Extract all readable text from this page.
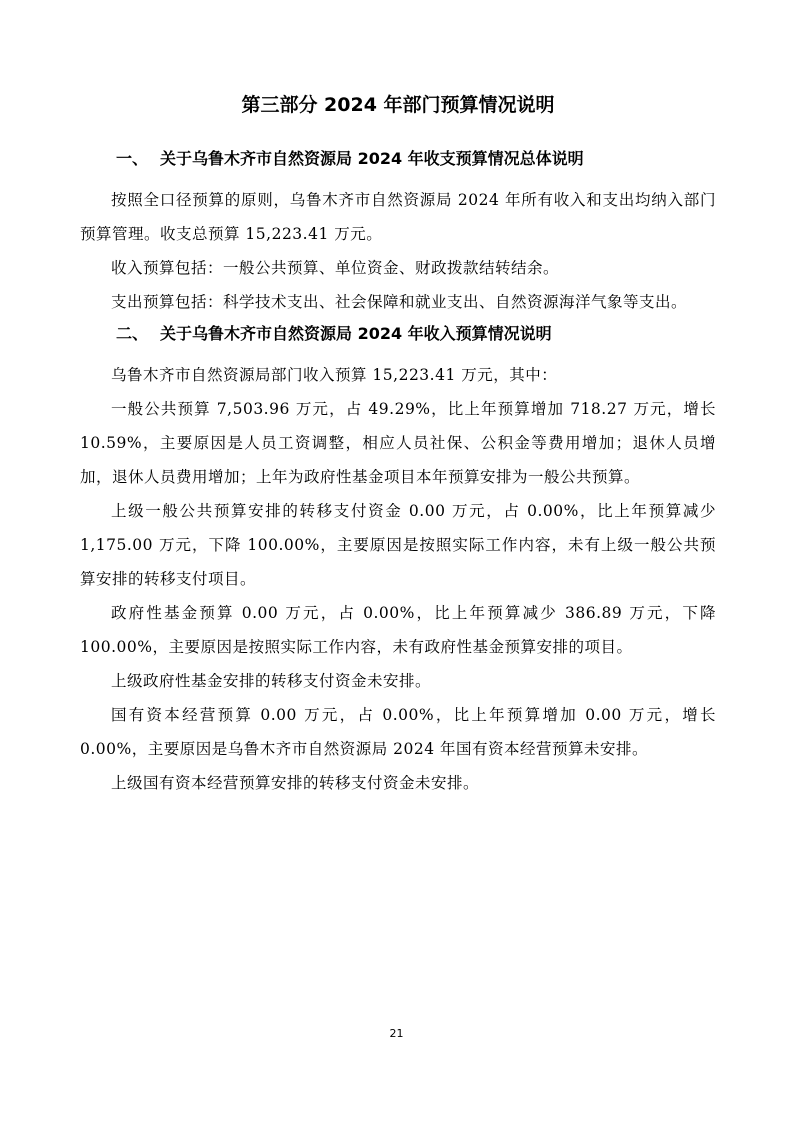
第三部分 2024 年部门预算情况说明
一、 关于乌鲁木齐市自然资源局 2024 年收支预算情况总体说明

按照全口径预算的原则，乌鲁木齐市自然资源局 2024 年所有收入和支出均纳入部门预算管理。收支总预算 15,223.41 万元。

收入预算包括：一般公共预算、单位资金、财政拨款结转结余。

支出预算包括：科学技术支出、社会保障和就业支出、自然资源海洋气象等支出。

二、 关于乌鲁木齐市自然资源局 2024 年收入预算情况说明

乌鲁木齐市自然资源局部门收入预算 15,223.41 万元，其中：

一般公共预算 7,503.96 万元，占 49.29%，比上年预算增加 718.27 万元，增长 10.59%，主要原因是人员工资调整，相应人员社保、公积金等费用增加；退休人员增加，退休人员费用增加；上年为政府性基金项目本年预算安排为一般公共预算。

上级一般公共预算安排的转移支付资金 0.00 万元，占 0.00%，比上年预算减少 1,175.00 万元，下降 100.00%，主要原因是按照实际工作内容，未有上级一般公共预算安排的转移支付项目。

政府性基金预算 0.00 万元，占 0.00%，比上年预算减少 386.89 万元，下降 100.00%，主要原因是按照实际工作内容，未有政府性基金预算安排的项目。

上级政府性基金安排的转移支付资金未安排。

国有资本经营预算 0.00 万元，占 0.00%，比上年预算增加 0.00 万元，增长 0.00%，主要原因是乌鲁木齐市自然资源局 2024 年国有资本经营预算未安排。

上级国有资本经营预算安排的转移支付资金未安排。

21
